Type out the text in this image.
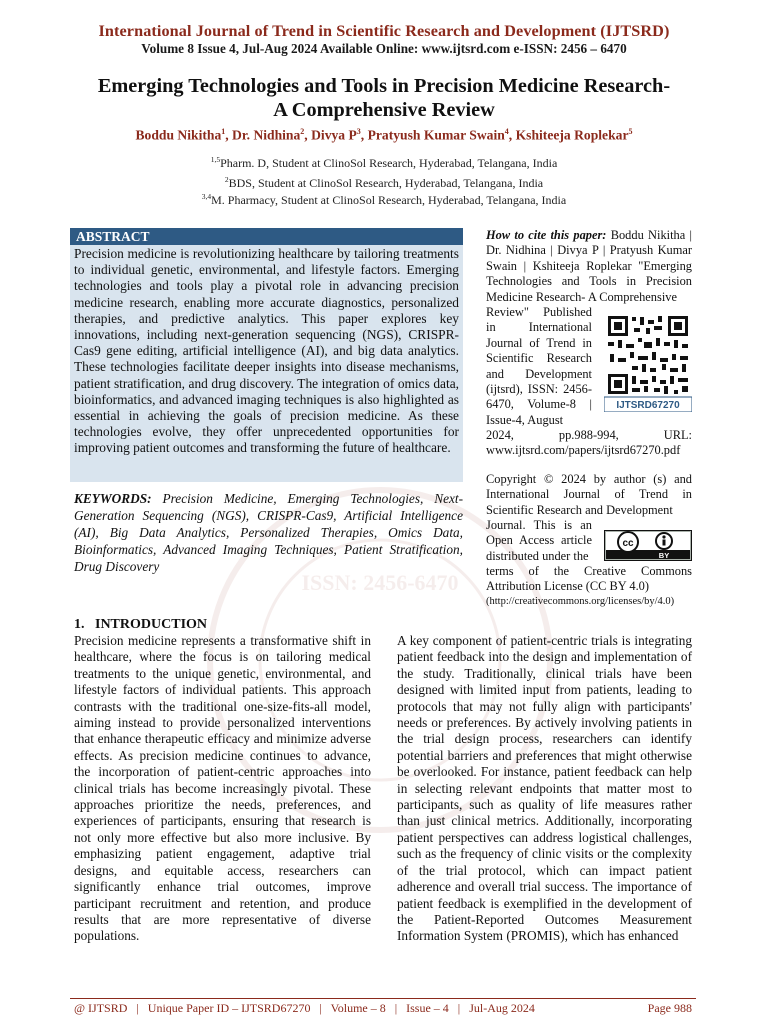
International Journal of Trend in Scientific Research and Development (IJTSRD)
Volume 8 Issue 4, Jul-Aug 2024 Available Online: www.ijtsrd.com e-ISSN: 2456 – 6470
Emerging Technologies and Tools in Precision Medicine Research-
A Comprehensive Review
Boddu Nikitha$^1$, Dr. Nidhina$^2$, Divya $P^3$, Pratyush Kumar Swain$^4$, Kshiteeja Roplekar$^5$
$^{1,5}$Pharm. D, Student at ClinoSol Research, Hyderabad, Telangana, India
$^2$BDS, Student at ClinoSol Research, Hyderabad, Telangana, India
$^{3,4}$M. Pharmacy, Student at ClinoSol Research, Hyderabad, Telangana, India
ISSN: 2456-6470
ABSTRACT
Precision medicine is revolutionizing healthcare by tailoring treatments to individual genetic, environmental, and lifestyle factors. Emerging technologies and tools play a pivotal role in advancing precision medicine research, enabling more accurate diagnostics, personalized therapies, and predictive analytics. This paper explores key innovations, including next-generation sequencing (NGS), CRISPR-Cas9 gene editing, artificial intelligence (AI), and big data analytics. These technologies facilitate deeper insights into disease mechanisms, patient stratification, and drug discovery. The integration of omics data, bioinformatics, and advanced imaging techniques is also highlighted as essential in achieving the goals of precision medicine. As these technologies evolve, they offer unprecedented opportunities for improving patient outcomes and transforming the future of healthcare.
KEYWORDS: Precision Medicine, Emerging Technologies, Next-Generation Sequencing (NGS), CRISPR-Cas9, Artificial Intelligence (AI), Big Data Analytics, Personalized Therapies, Omics Data, Bioinformatics, Advanced Imaging Techniques, Patient Stratification, Drug Discovery
How to cite this paper: Boddu Nikitha | Dr. Nidhina | Divya P | Pratyush Kumar Swain | Kshiteeja Roplekar "Emerging Technologies and Tools in Precision Medicine Research- A Comprehensive
Review" Published in International Journal of Trend in Scientific Research and Development (ijtsrd), ISSN: 2456-6470, Volume-8 | Issue-4, August
2024, pp.988-994, URL: www.ijtsrd.com/papers/ijtsrd67270.pdf
IJTSRD67270
Copyright © 2024 by author (s) and International Journal of Trend in Scientific Research and Development
Journal. This is an Open Access article distributed under the
terms of the Creative Commons Attribution License (CC BY 4.0)
(http://creativecommons.org/licenses/by/4.0)
cc
BY
1.   INTRODUCTION
Precision medicine represents a transformative shift in healthcare, where the focus is on tailoring medical treatments to the unique genetic, environmental, and lifestyle factors of individual patients. This approach contrasts with the traditional one-size-fits-all model, aiming instead to provide personalized interventions that enhance therapeutic efficacy and minimize adverse effects. As precision medicine continues to advance, the incorporation of patient-centric approaches into clinical trials has become increasingly pivotal. These approaches prioritize the needs, preferences, and experiences of participants, ensuring that research is not only more effective but also more inclusive. By emphasizing patient engagement, adaptive trial designs, and equitable access, researchers can significantly enhance trial outcomes, improve participant recruitment and retention, and produce results that are more representative of diverse populations.
A key component of patient-centric trials is integrating patient feedback into the design and implementation of the study. Traditionally, clinical trials have been designed with limited input from patients, leading to protocols that may not fully align with participants' needs or preferences. By actively involving patients in the trial design process, researchers can identify potential barriers and preferences that might otherwise be overlooked. For instance, patient feedback can help in selecting relevant endpoints that matter most to participants, such as quality of life measures rather than just clinical metrics. Additionally, incorporating patient perspectives can address logistical challenges, such as the frequency of clinic visits or the complexity of the trial protocol, which can impact patient adherence and overall trial success. The importance of patient feedback is exemplified in the development of the Patient-Reported Outcomes Measurement Information System (PROMIS), which has enhanced
@ IJTSRD   |   Unique Paper ID – IJTSRD67270   |   Volume – 8   |   Issue – 4   |   Jul-Aug 2024	Page 988
